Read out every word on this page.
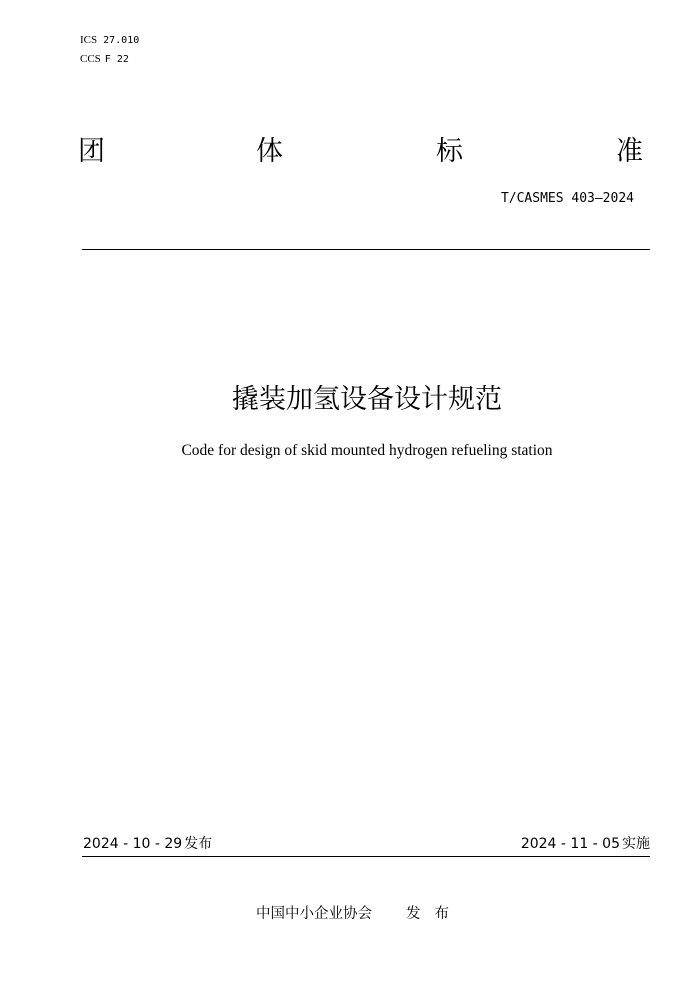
ICS 27.010
CCS F 22
团	体	标	准
T/CASMES 403—2024
撬装加氢设备设计规范
Code for design of skid mounted hydrogen refueling station
2024 - 10 - 29 发布	2024 - 11 - 05 实施
中国中小企业协会 发布
